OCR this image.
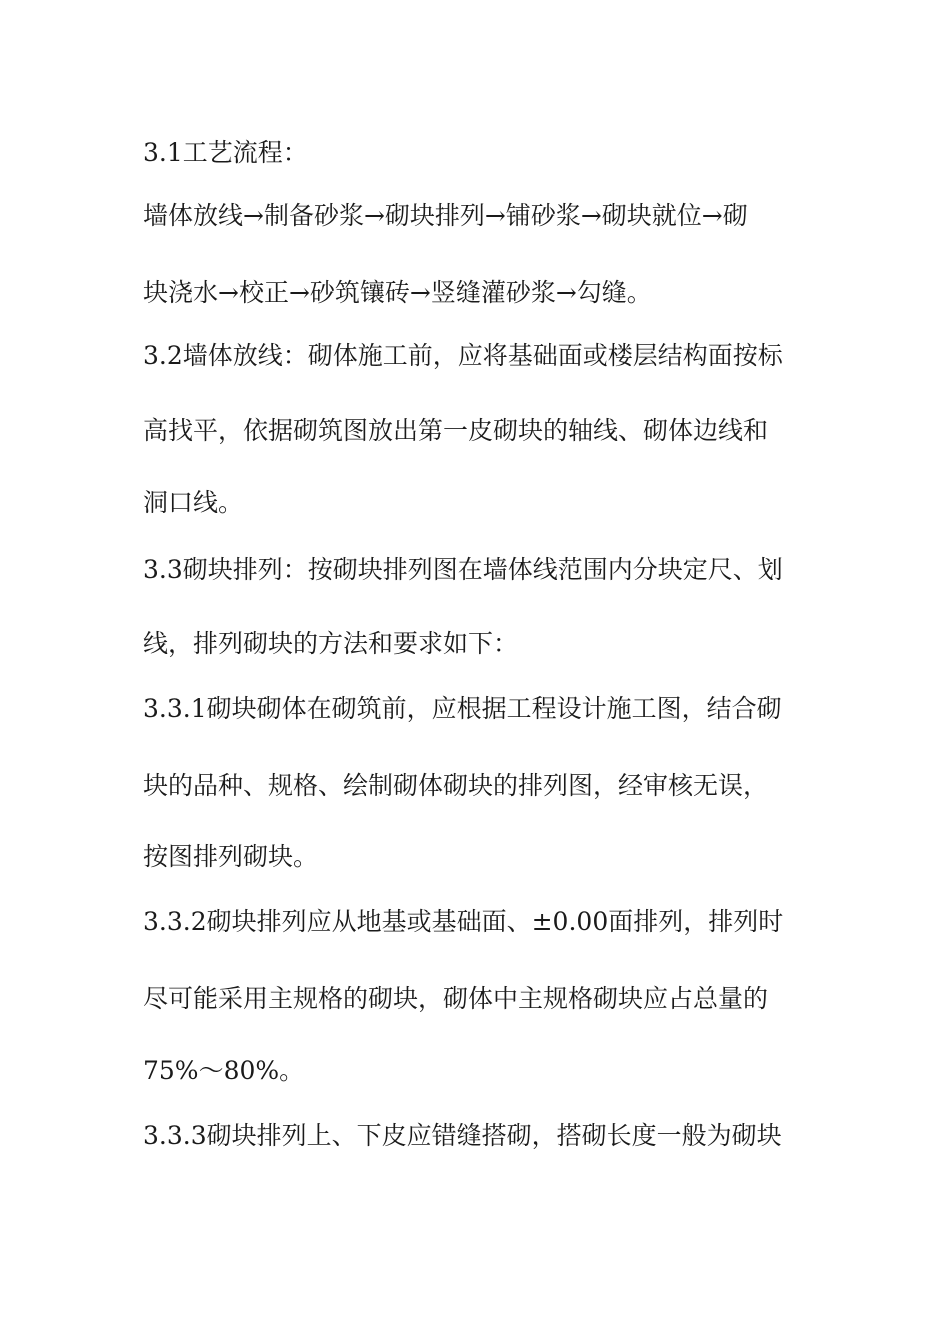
3.1工艺流程：
墙体放线→制备砂浆→砌块排列→铺砂浆→砌块就位→砌
块浇水→校正→砂筑镶砖→竖缝灌砂浆→勾缝。
3.2墙体放线：砌体施工前，应将基础面或楼层结构面按标
高找平，依据砌筑图放出第一皮砌块的轴线、砌体边线和
洞口线。
3.3砌块排列：按砌块排列图在墙体线范围内分块定尺、划
线，排列砌块的方法和要求如下：
3.3.1砌块砌体在砌筑前，应根据工程设计施工图，结合砌
块的品种、规格、绘制砌体砌块的排列图，经审核无误，
按图排列砌块。
3.3.2砌块排列应从地基或基础面、±0.00面排列，排列时
尽可能采用主规格的砌块，砌体中主规格砌块应占总量的
75%～80%。
3.3.3砌块排列上、下皮应错缝搭砌，搭砌长度一般为砌块
